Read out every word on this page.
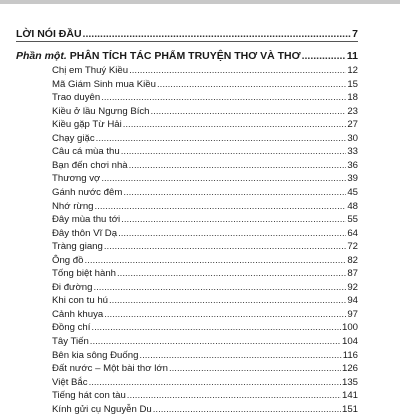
LỜI NÓI ĐẦU .....	7
Phần một. PHÂN TÍCH TÁC PHẨM TRUYỆN THƠ VÀ THƠ .....	11
Chị em Thuý Kiều .....	12
Mã Giám Sinh mua Kiều .....	15
Trao duyên .....	18
Kiều ở lầu Ngưng Bích .....	23
Kiều gặp Từ Hải .....	27
Chạy giặc .....	30
Câu cá mùa thu .....	33
Bạn đến chơi nhà .....	36
Thương vợ .....	39
Gánh nước đêm .....	45
Nhớ rừng .....	48
Đây mùa thu tới .....	55
Đây thôn Vĩ Dạ .....	64
Tràng giang .....	72
Ông đồ .....	82
Tống biệt hành .....	87
Đi đường .....	92
Khi con tu hú .....	94
Cảnh khuya .....	97
Đồng chí .....	100
Tây Tiến .....	104
Bên kia sông Đuống .....	116
Đất nước – Một bài thơ lớn .....	126
Việt Bắc .....	135
Tiếng hát con tàu .....	141
Kính gửi cụ Nguyễn Du .....	151
